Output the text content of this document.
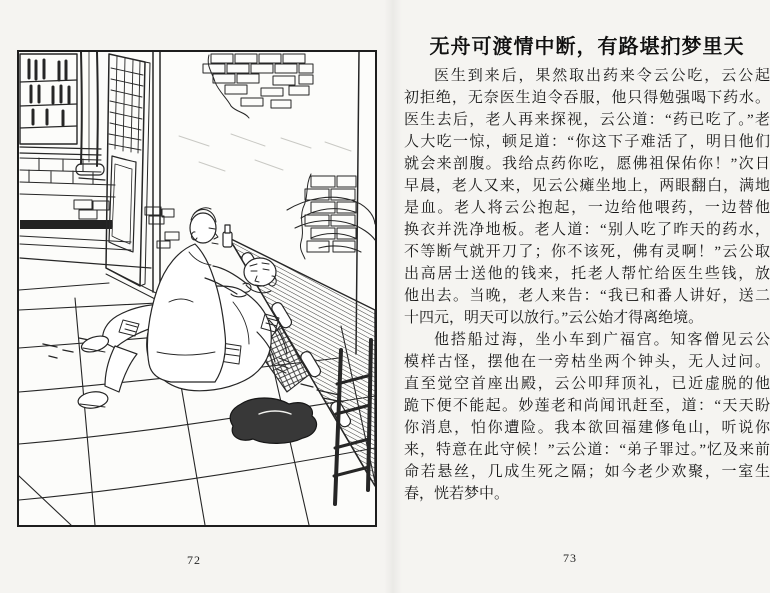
72	73
无舟可渡情中断，有路堪扪梦里天
医生到来后，果然取出药来令云公吃，云公起
初拒绝，无奈医生迫令吞服，他只得勉强喝下药水。
医生去后，老人再来探视，云公道：“药已吃了。”老
人大吃一惊，顿足道：“你这下子难活了，明日他们
就会来剖腹。我给点药你吃，愿佛祖保佑你！”次日
早晨，老人又来，见云公瘫坐地上，两眼翻白，满地
是血。老人将云公抱起，一边给他喂药，一边替他
换衣并洗净地板。老人道：“别人吃了昨天的药水，
不等断气就开刀了；你不该死，佛有灵啊！”云公取
出高居士送他的钱来，托老人帮忙给医生些钱，放
他出去。当晚，老人来告：“我已和番人讲好，送二
十四元，明天可以放行。”云公始才得离绝境。
他搭船过海，坐小车到广福宫。知客僧见云公
模样古怪，摆他在一旁枯坐两个钟头，无人过问。
直至觉空首座出殿，云公叩拜顶礼，已近虚脱的他
跪下便不能起。妙莲老和尚闻讯赶至，道：“天天盼
你消息，怕你遭险。我本欲回福建修龟山，听说你
来，特意在此守候！”云公道：“弟子罪过。”忆及来前
命若悬丝，几成生死之隔；如今老少欢聚，一室生
春，恍若梦中。
